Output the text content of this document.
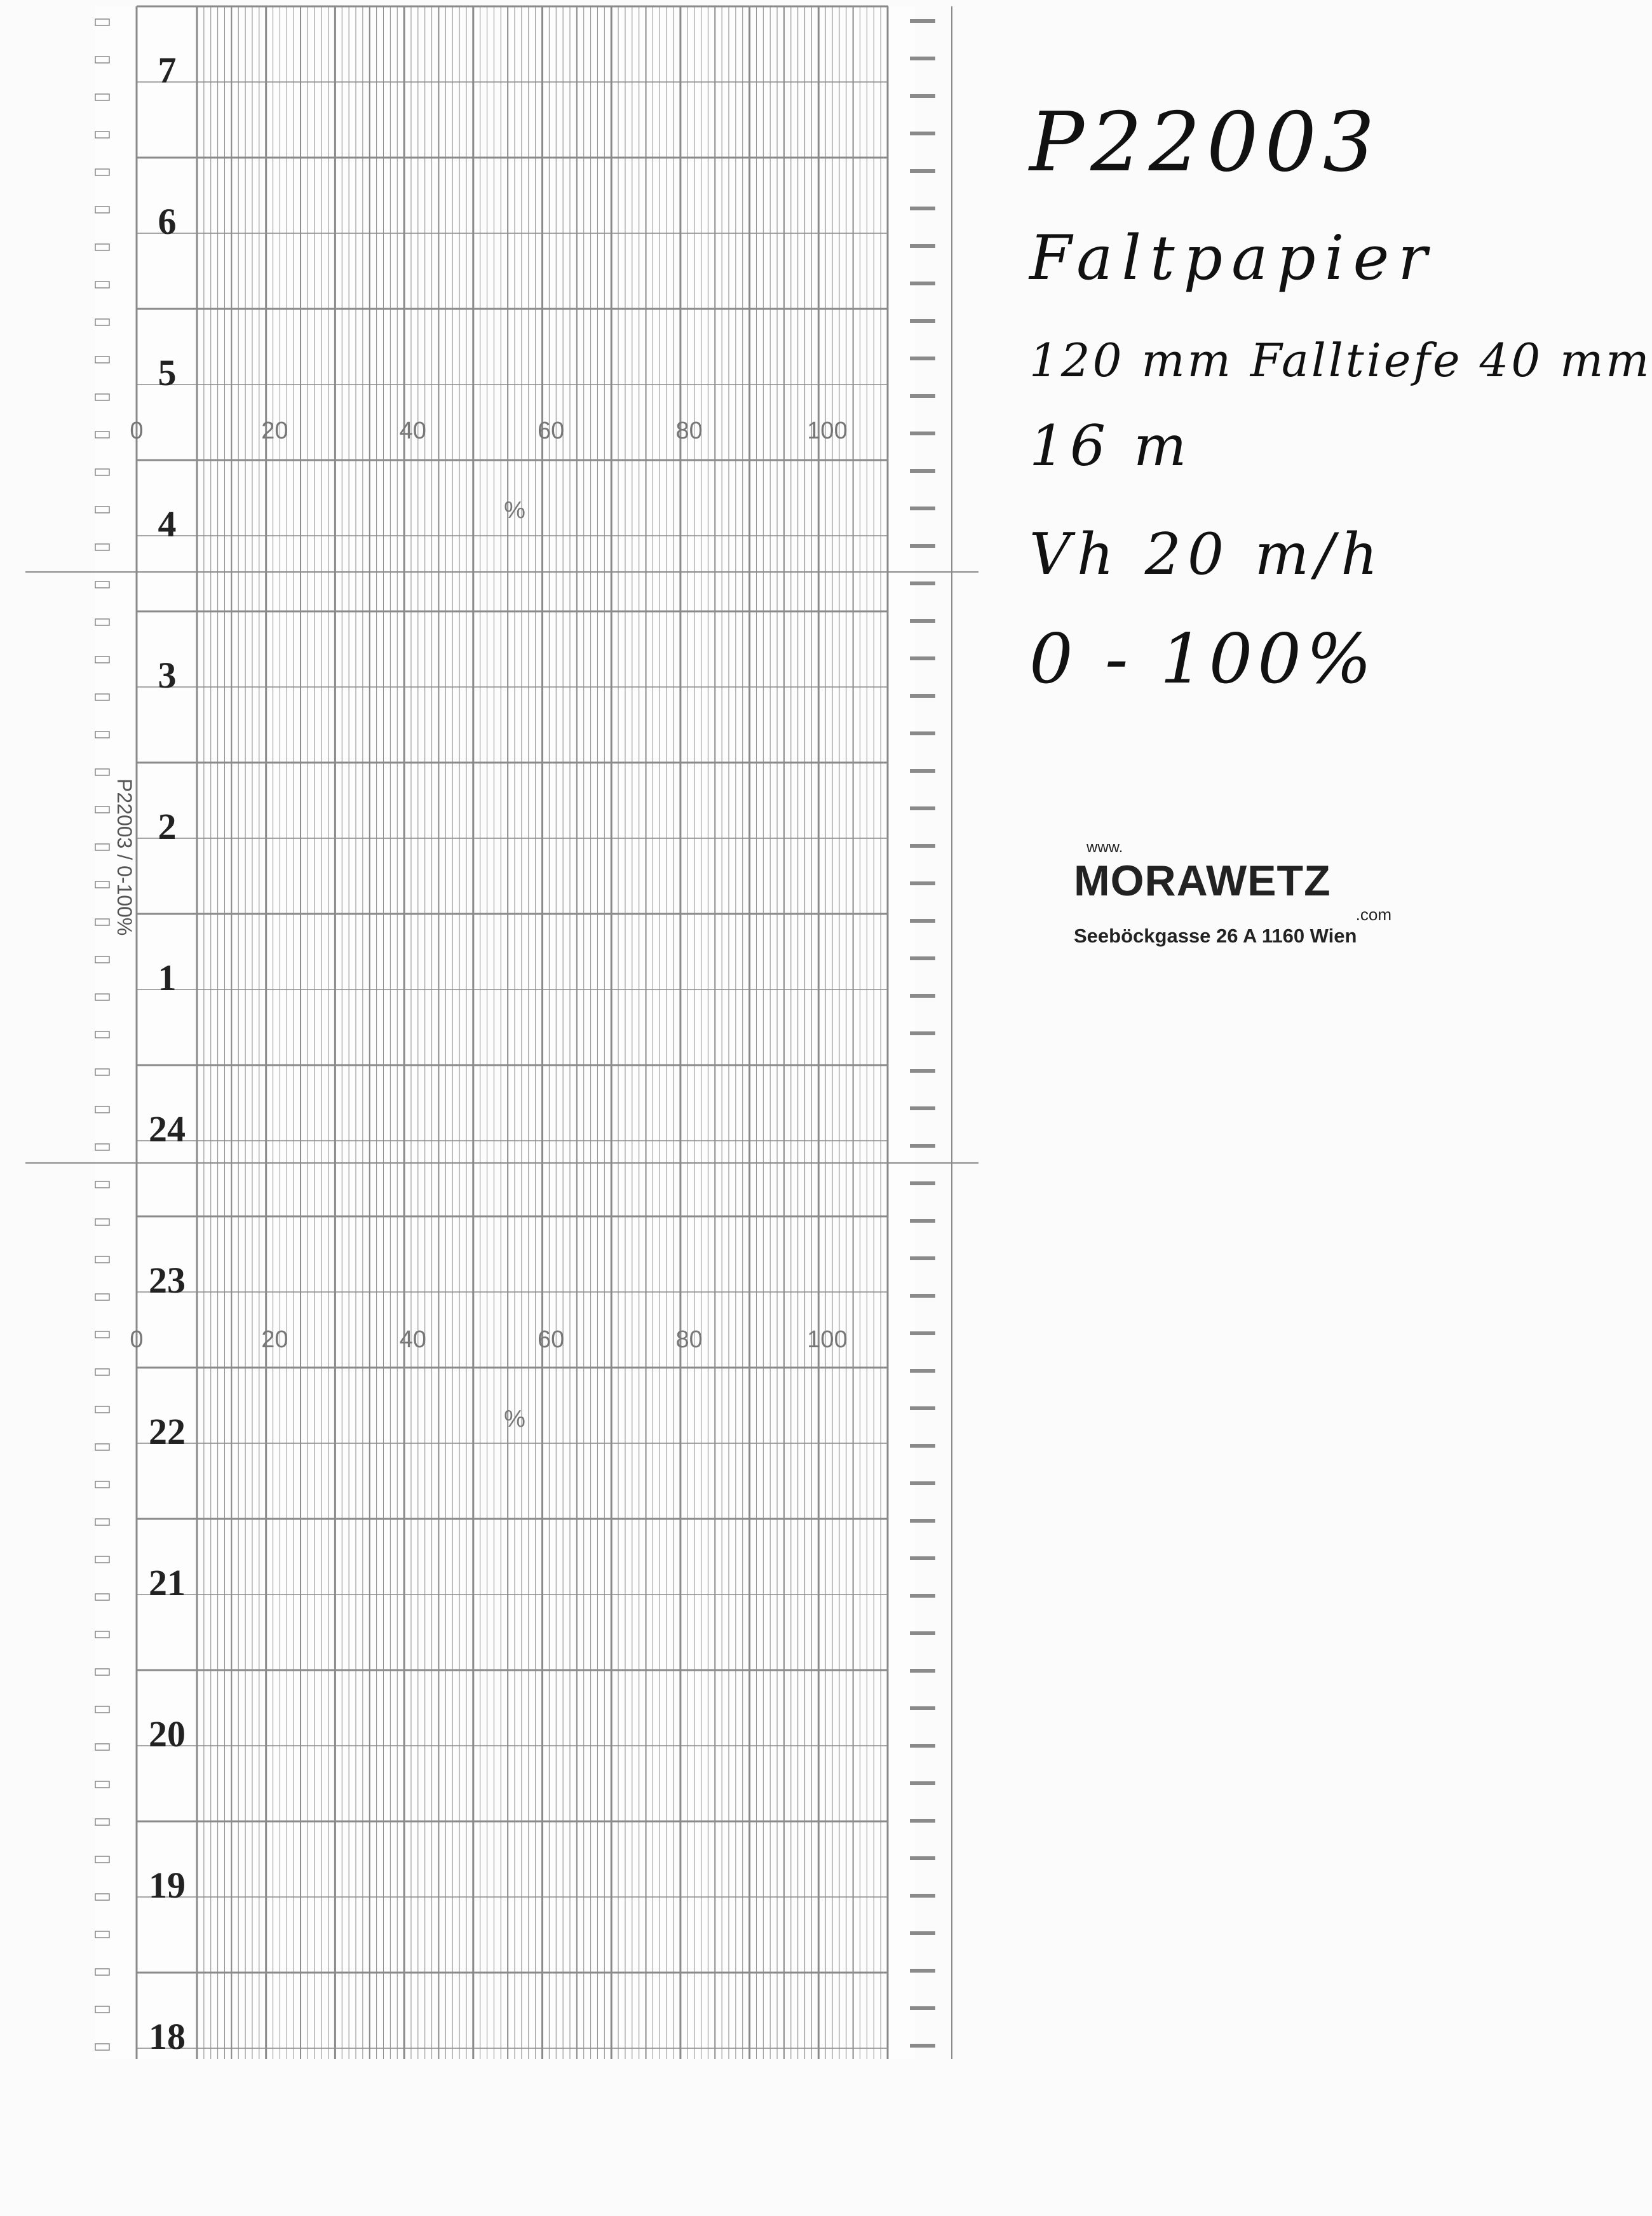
7
6
5
4
3
2
1
24
23
22
21
20
19
18
0	20	40	60	80	100
%
0	20	40	60	80	100
%
P22003 / 0-100%
P22003
Faltpapier
120 mm Falltiefe 40 mm
16 m
Vh 20 m/h
0 - 100%
www.
MORAWETZ
.com
Seeböckgasse 26 A 1160 Wien
